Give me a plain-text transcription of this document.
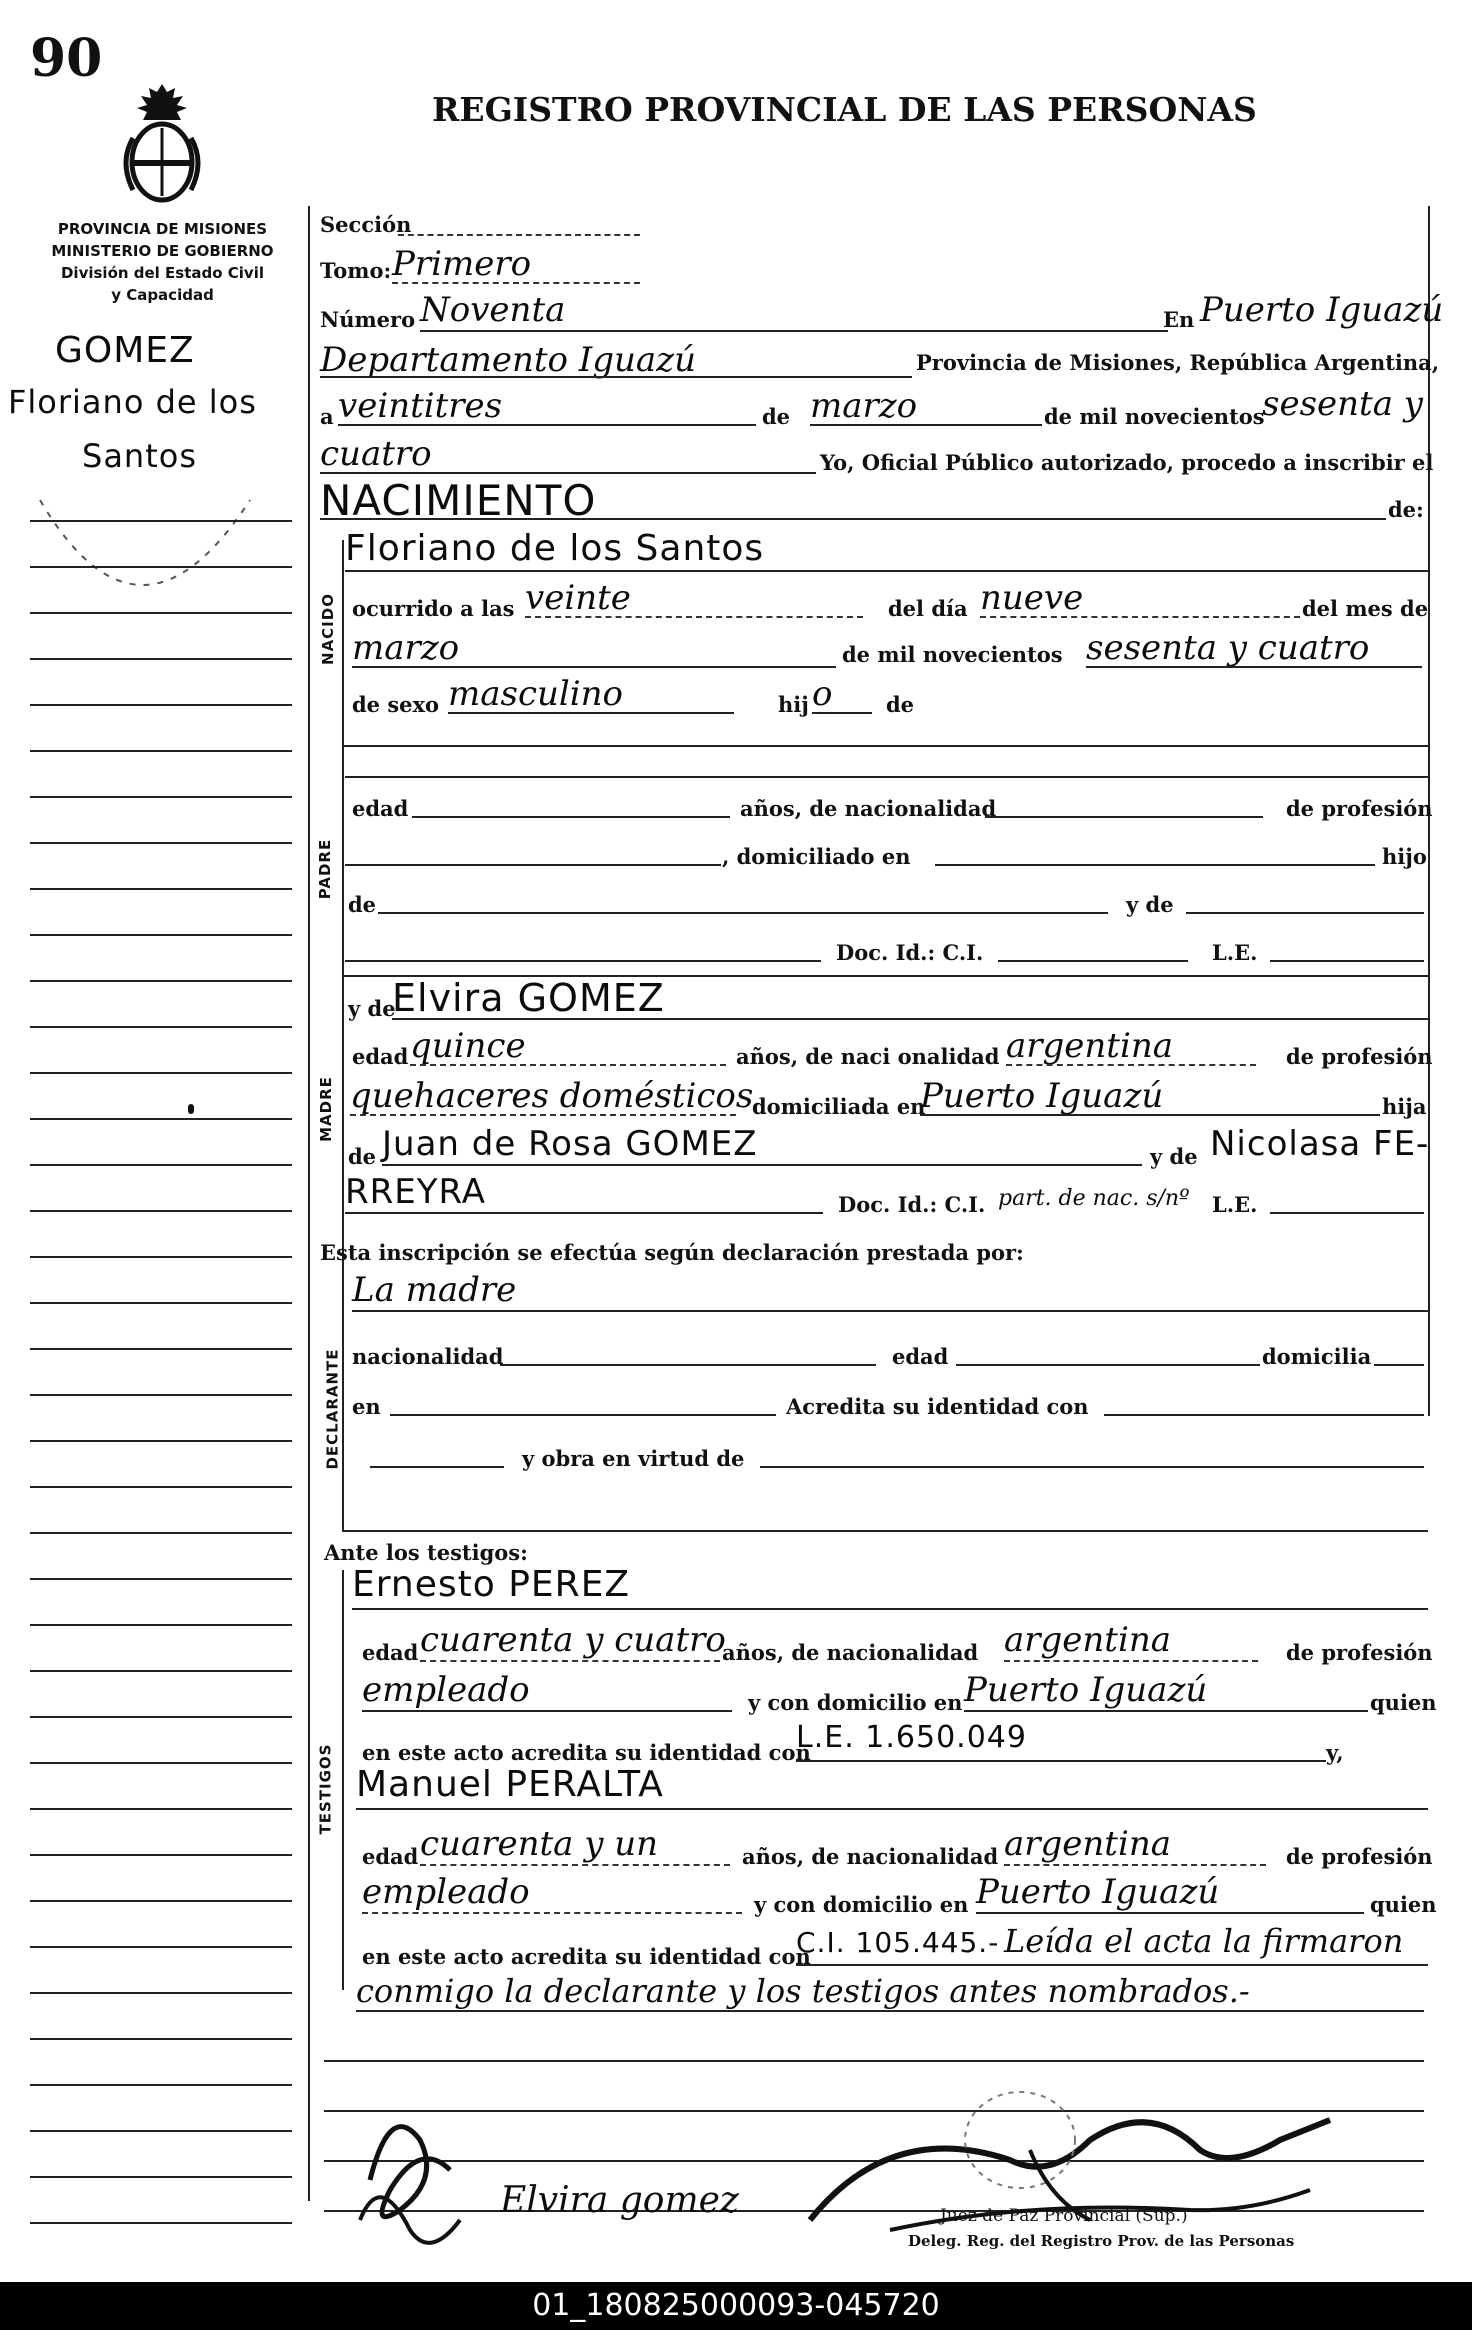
90
REGISTRO PROVINCIAL DE LAS PERSONAS
PROVINCIA DE MISIONES
MINISTERIO DE GOBIERNO
División del Estado Civil
y Capacidad
GOMEZ
Floriano de los
Santos
NACIDO
PADRE
MADRE
DECLARANTE
TESTIGOS
Sección
Tomo: Primero
Número Noventa	En Puerto Iguazú
Departamento Iguazú	Provincia de Misiones, República Argentina,
a veintitres	de marzo	de mil novecientos
sesenta y
cuatro	Yo, Oficial Público autorizado, procedo a inscribir el
NACIMIENTO	de:
Floriano de los Santos
ocurrido a las veinte	del día nueve	del mes de
marzo	de mil novecientos sesenta y cuatro
de sexo masculino	hij o	de
edad	años, de nacionalidad	de profesión
, domiciliado en	hijo
de	y de
Doc. Id.: C.I.	L.E.
y de
Elvira GOMEZ
edad quince	años, de naci onalidad argentina	de profesión
quehaceres domésticos
domiciliada en
Puerto Iguazú	hija
de Juan de Rosa GOMEZ	y de Nicolasa FE-
RREYRA	Doc. Id.: C.I. part. de nac. s/nº L.E.
Esta inscripción se efectúa según declaración prestada por:
La madre
nacionalidad	edad	domicilia
en	Acredita su identidad con
y obra en virtud de
Ante los testigos:
Ernesto PEREZ
edad cuarenta y cuatro
años, de nacionalidad argentina	de profesión
empleado	y con domicilio en Puerto Iguazú	quien
en este acto acredita su identidad con
L.E. 1.650.049	y,
Manuel PERALTA
edad cuarenta y un	años, de nacionalidad argentina	de profesión
empleado	y con domicilio en Puerto Iguazú	quien
en este acto acredita su identidad con
C.I. 105.445.- Leída el acta la firmaron
conmigo la declarante y los testigos antes nombrados.-
Elvira gomez	Juez de Paz Provincial (Sup.)
Deleg. Reg. del Registro Prov. de las Personas
01_180825000093-045720
